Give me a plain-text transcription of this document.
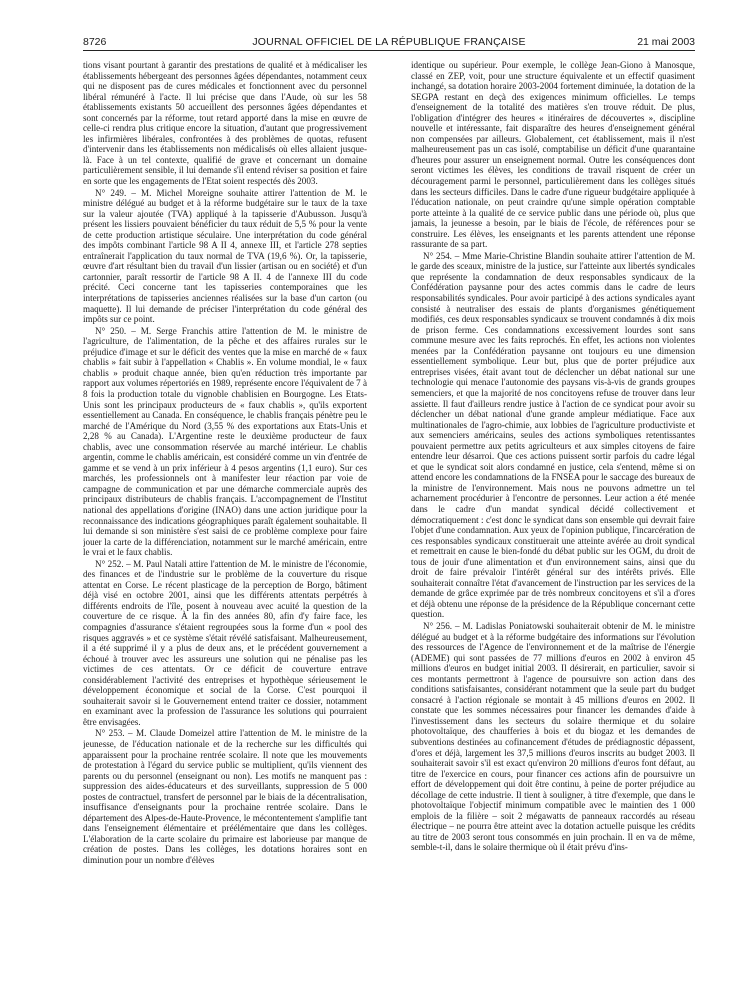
8726	JOURNAL OFFICIEL DE LA RÉPUBLIQUE FRANÇAISE	21 mai 2003

tions visant pourtant à garantir des prestations de qualité et à médicaliser les établissements hébergeant des personnes âgées dépendantes, notamment ceux qui ne disposent pas de cures médicales et fonctionnent avec du personnel libéral rémunéré à l'acte. Il lui précise que dans l'Aude, où sur les 58 établissements existants 50 accueillent des personnes âgées dépendantes et sont concernés par la réforme, tout retard apporté dans la mise en œuvre de celle-ci rendra plus critique encore la situation, d'autant que progressivement les infirmières libérales, confrontées à des problèmes de quotas, refusent d'intervenir dans les établissements non médicalisés où elles allaient jusque-là. Face à un tel contexte, qualifié de grave et concernant un domaine particulièrement sensible, il lui demande s'il entend réviser sa position et faire en sorte que les engagements de l'Etat soient respectés dès 2003.

N° 249. – M. Michel Moreigne souhaite attirer l'attention de M. le ministre délégué au budget et à la réforme budgétaire sur le taux de la taxe sur la valeur ajoutée (TVA) appliqué à la tapisserie d'Aubusson. Jusqu'à présent les lissiers pouvaient bénéficier du taux réduit de 5,5 % pour la vente de cette production artistique séculaire. Une interprétation du code général des impôts combinant l'article 98 A II 4, annexe III, et l'article 278 septies entraînerait l'application du taux normal de TVA (19,6 %). Or, la tapisserie, œuvre d'art résultant bien du travail d'un lissier (artisan ou en société) et d'un cartonnier, paraît ressortir de l'article 98 A II. 4 de l'annexe III du code précité. Ceci concerne tant les tapisseries contemporaines que les interprétations de tapisseries anciennes réalisées sur la base d'un carton (ou maquette). Il lui demande de préciser l'interprétation du code général des impôts sur ce point.

N° 250. – M. Serge Franchis attire l'attention de M. le ministre de l'agriculture, de l'alimentation, de la pêche et des affaires rurales sur le préjudice d'image et sur le déficit des ventes que la mise en marché de « faux chablis » fait subir à l'appellation « Chablis ». En volume mondial, le « faux chablis » produit chaque année, bien qu'en réduction très importante par rapport aux volumes répertoriés en 1989, représente encore l'équivalent de 7 à 8 fois la production totale du vignoble chablisien en Bourgogne. Les Etats-Unis sont les principaux producteurs de « faux chablis », qu'ils exportent essentiellement au Canada. En conséquence, le chablis français pénètre peu le marché de l'Amérique du Nord (3,55 % des exportations aux Etats-Unis et 2,28 % au Canada). L'Argentine reste le deuxième producteur de faux chablis, avec une consommation réservée au marché intérieur. Le chablis argentin, comme le chablis américain, est considéré comme un vin d'entrée de gamme et se vend à un prix inférieur à 4 pesos argentins (1,1 euro). Sur ces marchés, les professionnels ont à manifester leur réaction par voie de campagne de communication et par une démarche commerciale auprès des principaux distributeurs de chablis français. L'accompagnement de l'Institut national des appellations d'origine (INAO) dans une action juridique pour la reconnaissance des indications géographiques paraît également souhaitable. Il lui demande si son ministère s'est saisi de ce problème complexe pour faire jouer la carte de la différenciation, notamment sur le marché américain, entre le vrai et le faux chablis.

N° 252. – M. Paul Natali attire l'attention de M. le ministre de l'économie, des finances et de l'industrie sur le problème de la couverture du risque attentat en Corse. Le récent plasticage de la perception de Borgo, bâtiment déjà visé en octobre 2001, ainsi que les différents attentats perpétrés à différents endroits de l'île, posent à nouveau avec acuité la question de la couverture de ce risque. À la fin des années 80, afin d'y faire face, les compagnies d'assurance s'étaient regroupées sous la forme d'un « pool des risques aggravés » et ce système s'était révélé satisfaisant. Malheureusement, il a été supprimé il y a plus de deux ans, et le précédent gouvernement a échoué à trouver avec les assureurs une solution qui ne pénalise pas les victimes de ces attentats. Or ce déficit de couverture entrave considérablement l'activité des entreprises et hypothèque sérieusement le développement économique et social de la Corse. C'est pourquoi il souhaiterait savoir si le Gouvernement entend traiter ce dossier, notamment en examinant avec la profession de l'assurance les solutions qui pourraient être envisagées.

N° 253. – M. Claude Domeizel attire l'attention de M. le ministre de la jeunesse, de l'éducation nationale et de la recherche sur les difficultés qui apparaissent pour la prochaine rentrée scolaire. Il note que les mouvements de protestation à l'égard du service public se multiplient, qu'ils viennent des parents ou du personnel (enseignant ou non). Les motifs ne manquent pas : suppression des aides-éducateurs et des surveillants, suppression de 5 000 postes de contractuel, transfert de personnel par le biais de la décentralisation, insuffisance d'enseignants pour la prochaine rentrée scolaire. Dans le département des Alpes-de-Haute-Provence, le mécontentement s'amplifie tant dans l'enseignement élémentaire et préélémentaire que dans les collèges. L'élaboration de la carte scolaire du primaire est laborieuse par manque de création de postes. Dans les collèges, les dotations horaires sont en diminution pour un nombre d'élèves

identique ou supérieur. Pour exemple, le collège Jean-Giono à Manosque, classé en ZEP, voit, pour une structure équivalente et un effectif quasiment inchangé, sa dotation horaire 2003-2004 fortement diminuée, la dotation de la SEGPA restant en deçà des exigences minimum officielles. Le temps d'enseignement de la totalité des matières s'en trouve réduit. De plus, l'obligation d'intégrer des heures « itinéraires de découvertes », discipline nouvelle et intéressante, fait disparaître des heures d'enseignement général non compensées par ailleurs. Globalement, cet établissement, mais il n'est malheureusement pas un cas isolé, comptabilise un déficit d'une quarantaine d'heures pour assurer un enseignement normal. Outre les conséquences dont seront victimes les élèves, les conditions de travail risquent de créer un découragement parmi le personnel, particulièrement dans les collèges situés dans les secteurs difficiles. Dans le cadre d'une rigueur budgétaire appliquée à l'éducation nationale, on peut craindre qu'une simple opération comptable porte atteinte à la qualité de ce service public dans une période où, plus que jamais, la jeunesse a besoin, par le biais de l'école, de références pour se construire. Les élèves, les enseignants et les parents attendent une réponse rassurante de sa part.

N° 254. – Mme Marie-Christine Blandin souhaite attirer l'attention de M. le garde des sceaux, ministre de la justice, sur l'atteinte aux libertés syndicales que représente la condamnation de deux responsables syndicaux de la Confédération paysanne pour des actes commis dans le cadre de leurs responsabilités syndicales. Pour avoir participé à des actions syndicales ayant consisté à neutraliser des essais de plants d'organismes génétiquement modifiés, ces deux responsables syndicaux se trouvent condamnés à dix mois de prison ferme. Ces condamnations excessivement lourdes sont sans commune mesure avec les faits reprochés. En effet, les actions non violentes menées par la Confédération paysanne ont toujours eu une dimension essentiellement symbolique. Leur but, plus que de porter préjudice aux entreprises visées, était avant tout de déclencher un débat national sur une technologie qui menace l'autonomie des paysans vis-à-vis de grands groupes semenciers, et que la majorité de nos concitoyens refuse de trouver dans leur assiette. Il faut d'ailleurs rendre justice à l'action de ce syndicat pour avoir su déclencher un débat national d'une grande ampleur médiatique. Face aux multinationales de l'agro-chimie, aux lobbies de l'agriculture productiviste et aux semenciers américains, seules des actions symboliques retentissantes pouvaient permettre aux petits agriculteurs et aux simples citoyens de faire entendre leur désarroi. Que ces actions puissent sortir parfois du cadre légal et que le syndicat soit alors condamné en justice, cela s'entend, même si on attend encore les condamnations de la FNSEA pour le saccage des bureaux de la ministre de l'environnement. Mais nous ne pouvons admettre un tel acharnement procédurier à l'encontre de personnes. Leur action a été menée dans le cadre d'un mandat syndical décidé collectivement et démocratiquement : c'est donc le syndicat dans son ensemble qui devrait faire l'objet d'une condamnation. Aux yeux de l'opinion publique, l'incarcération de ces responsables syndicaux constituerait une atteinte avérée au droit syndical et remettrait en cause le bien-fondé du débat public sur les OGM, du droit de tous de jouir d'une alimentation et d'un environnement sains, ainsi que du droit de faire prévaloir l'intérêt général sur des intérêts privés. Elle souhaiterait connaître l'état d'avancement de l'instruction par les services de la demande de grâce exprimée par de très nombreux concitoyens et s'il a d'ores et déjà obtenu une réponse de la présidence de la République concernant cette question.

N° 256. – M. Ladislas Poniatowski souhaiterait obtenir de M. le ministre délégué au budget et à la réforme budgétaire des informations sur l'évolution des ressources de l'Agence de l'environnement et de la maîtrise de l'énergie (ADEME) qui sont passées de 77 millions d'euros en 2002 à environ 45 millions d'euros en budget initial 2003. Il désirerait, en particulier, savoir si ces montants permettront à l'agence de poursuivre son action dans des conditions satisfaisantes, considérant notamment que la seule part du budget consacré à l'action régionale se montait à 45 millions d'euros en 2002. Il constate que les sommes nécessaires pour financer les demandes d'aide à l'investissement dans les secteurs du solaire thermique et du solaire photovoltaïque, des chaufferies à bois et du biogaz et les demandes de subventions destinées au cofinancement d'études de prédiagnostic dépassent, d'ores et déjà, largement les 37,5 millions d'euros inscrits au budget 2003. Il souhaiterait savoir s'il est exact qu'environ 20 millions d'euros font défaut, au titre de l'exercice en cours, pour financer ces actions afin de poursuivre un effort de développement qui doit être continu, à peine de porter préjudice au décollage de cette industrie. Il tient à souligner, à titre d'exemple, que dans le photovoltaïque l'objectif minimum compatible avec le maintien des 1 000 emplois de la filière – soit 2 mégawatts de panneaux raccordés au réseau électrique – ne pourra être atteint avec la dotation actuelle puisque les crédits au titre de 2003 seront tous consommés en juin prochain. Il en va de même, semble-t-il, dans le solaire thermique où il était prévu d'ins-
